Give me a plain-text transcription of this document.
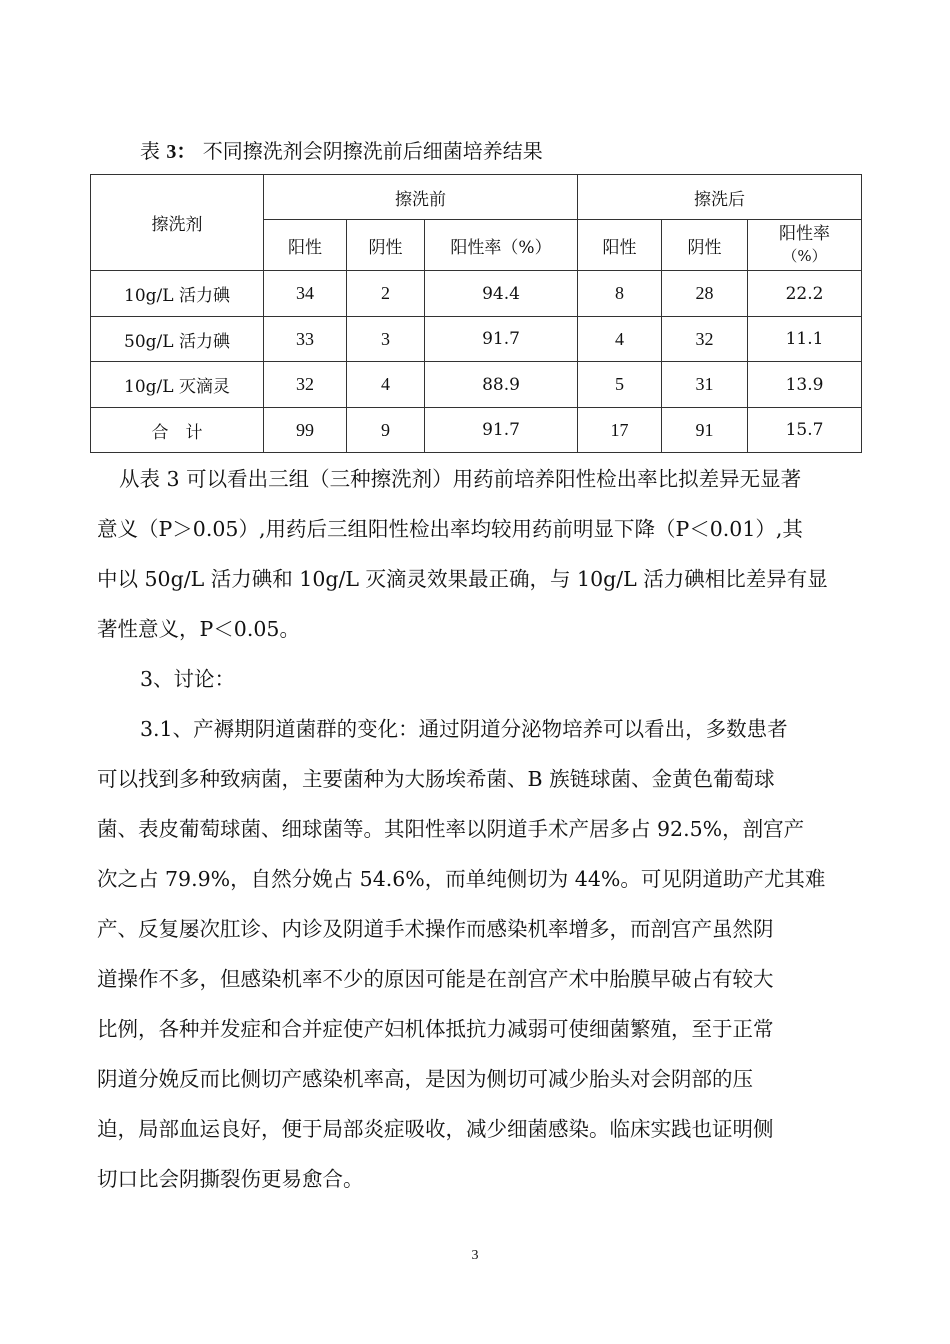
表 3： 不同擦洗剂会阴擦洗前后细菌培养结果
擦洗剂	擦洗前			擦洗后		
	阳性	阴性	阳性率（%）	阳性	阴性	阳性率
（%）
10g/L 活力碘	34	2	94.4	8	28	22.2
50g/L 活力碘	33	3	91.7	4	32	11.1
10g/L 灭滴灵	32	4	88.9	5	31	13.9
合　计	99	9	91.7	17	91	15.7
从表 3 可以看出三组（三种擦洗剂）用药前培养阳性检出率比拟差异无显著
意义（P＞0.05）,用药后三组阳性检出率均较用药前明显下降（P＜0.01）,其
中以 50g/L 活力碘和 10g/L 灭滴灵效果最正确，与 10g/L 活力碘相比差异有显
著性意义，P＜0.05。
3、讨论：
3.1、产褥期阴道菌群的变化：通过阴道分泌物培养可以看出，多数患者
可以找到多种致病菌，主要菌种为大肠埃希菌、B 族链球菌、金黄色葡萄球
菌、表皮葡萄球菌、细球菌等。其阳性率以阴道手术产居多占 92.5%，剖宫产
次之占 79.9%，自然分娩占 54.6%，而单纯侧切为 44%。可见阴道助产尤其难
产、反复屡次肛诊、内诊及阴道手术操作而感染机率增多，而剖宫产虽然阴
道操作不多，但感染机率不少的原因可能是在剖宫产术中胎膜早破占有较大
比例，各种并发症和合并症使产妇机体抵抗力减弱可使细菌繁殖，至于正常
阴道分娩反而比侧切产感染机率高，是因为侧切可减少胎头对会阴部的压
迫，局部血运良好，便于局部炎症吸收，减少细菌感染。临床实践也证明侧
切口比会阴撕裂伤更易愈合。
3
